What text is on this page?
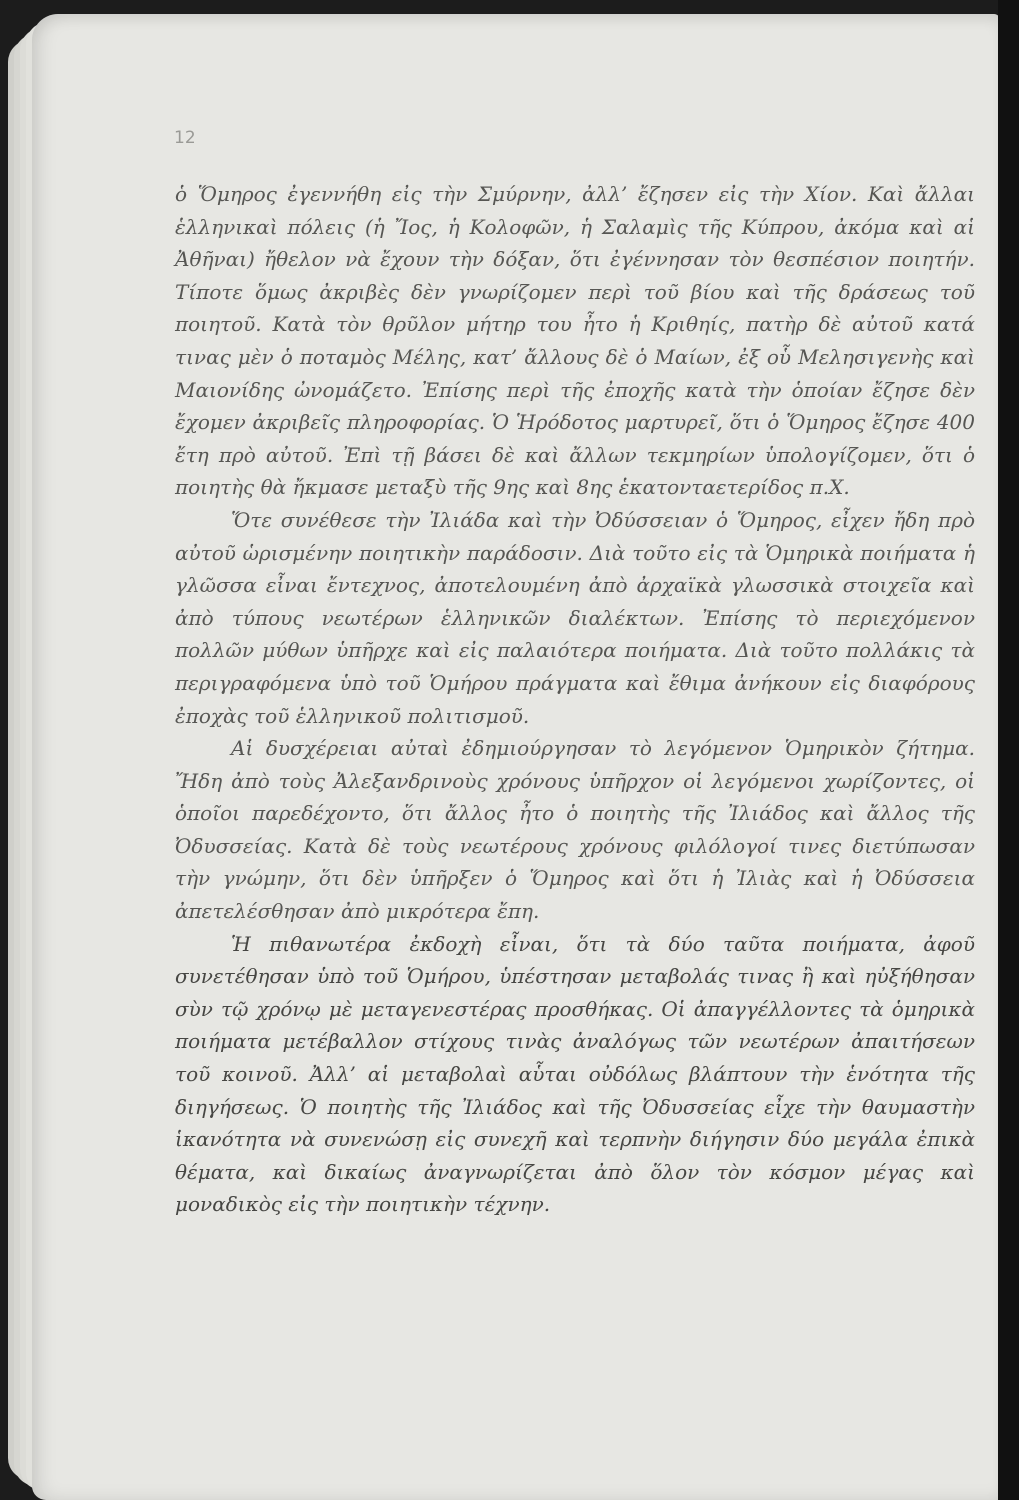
12

ὁ Ὅμηρος ἐγεννήθη εἰς τὴν Σμύρνην, ἀλλ’ ἔζησεν εἰς τὴν Χίον. Καὶ ἄλλαι ἑλληνικαὶ πόλεις (ἡ Ἴος, ἡ Κολοφῶν, ἡ Σαλαμὶς τῆς Κύπρου, ἀκόμα καὶ αἱ Ἀθῆναι) ἤθελον νὰ ἔχουν τὴν δόξαν, ὅτι ἐγέννησαν τὸν θεσπέσιον ποιητήν. Τίποτε ὅμως ἀκριβὲς δὲν γνωρίζομεν περὶ τοῦ βίου καὶ τῆς δράσεως τοῦ ποιητοῦ. Κατὰ τὸν θρῦλον μήτηρ του ἦτο ἡ Κριθηίς, πατὴρ δὲ αὐτοῦ κατά τινας μὲν ὁ ποταμὸς Μέλης, κατ’ ἄλλους δὲ ὁ Μαίων, ἐξ οὗ Μελησιγενὴς καὶ Μαιονίδης ὠνομάζετο. Ἐπίσης περὶ τῆς ἐποχῆς κατὰ τὴν ὁποίαν ἔζησε δὲν ἔχομεν ἀκριβεῖς πληροφορίας. Ὁ Ἡρόδοτος μαρτυρεῖ, ὅτι ὁ Ὅμηρος ἔζησε 400 ἔτη πρὸ αὐτοῦ. Ἐπὶ τῇ βάσει δὲ καὶ ἄλλων τεκμηρίων ὑπολογίζομεν, ὅτι ὁ ποιητὴς θὰ ἤκμασε μεταξὺ τῆς 9ης καὶ 8ης ἑκατονταετερίδος π.Χ.

Ὅτε συνέθεσε τὴν Ἰλιάδα καὶ τὴν Ὀδύσσειαν ὁ Ὅμηρος, εἶχεν ἤδη πρὸ αὐτοῦ ὡρισμένην ποιητικὴν παράδοσιν. Διὰ τοῦτο εἰς τὰ Ὁμηρικὰ ποιήματα ἡ γλῶσσα εἶναι ἔντεχνος, ἀποτελουμένη ἀπὸ ἀρχαϊκὰ γλωσσικὰ στοιχεῖα καὶ ἀπὸ τύπους νεωτέρων ἑλληνικῶν διαλέκτων. Ἐπίσης τὸ περιεχόμενον πολλῶν μύθων ὑπῆρχε καὶ εἰς παλαιότερα ποιήματα. Διὰ τοῦτο πολλάκις τὰ περιγραφόμενα ὑπὸ τοῦ Ὁμήρου πράγματα καὶ ἔθιμα ἀνήκουν εἰς διαφόρους ἐποχὰς τοῦ ἑλληνικοῦ πολιτισμοῦ.

Αἱ δυσχέρειαι αὐταὶ ἐδημιούργησαν τὸ λεγόμενον Ὁμηρικὸν ζήτημα. Ἤδη ἀπὸ τοὺς Ἀλεξανδρινοὺς χρόνους ὑπῆρχον οἱ λεγόμενοι χωρίζοντες, οἱ ὁποῖοι παρεδέχοντο, ὅτι ἄλλος ἦτο ὁ ποιητὴς τῆς Ἰλιάδος καὶ ἄλλος τῆς Ὀδυσσείας. Κατὰ δὲ τοὺς νεωτέρους χρόνους φιλόλογοί τινες διετύπωσαν τὴν γνώμην, ὅτι δὲν ὑπῆρξεν ὁ Ὅμηρος καὶ ὅτι ἡ Ἰλιὰς καὶ ἡ Ὀδύσσεια ἀπετελέσθησαν ἀπὸ μικρότερα ἔπη.

Ἡ πιθανωτέρα ἐκδοχὴ εἶναι, ὅτι τὰ δύο ταῦτα ποιήματα, ἀφοῦ συνετέθησαν ὑπὸ τοῦ Ὁμήρου, ὑπέστησαν μεταβολάς τινας ἢ καὶ ηὐξήθησαν σὺν τῷ χρόνῳ μὲ μεταγενεστέρας προσθήκας. Οἱ ἀπαγγέλλοντες τὰ ὁμηρικὰ ποιήματα μετέβαλλον στίχους τινὰς ἀναλόγως τῶν νεωτέρων ἀπαιτήσεων τοῦ κοινοῦ. Ἀλλ’ αἱ μεταβολαὶ αὗται οὐδόλως βλάπτουν τὴν ἑνότητα τῆς διηγήσεως. Ὁ ποιητὴς τῆς Ἰλιάδος καὶ τῆς Ὀδυσσείας εἶχε τὴν θαυμαστὴν ἱκανότητα νὰ συνενώσῃ εἰς συνεχῆ καὶ τερπνὴν διήγησιν δύο μεγάλα ἐπικὰ θέματα, καὶ δικαίως ἀναγνωρίζεται ἀπὸ ὅλον τὸν κόσμον μέγας καὶ μοναδικὸς εἰς τὴν ποιητικὴν τέχνην.
